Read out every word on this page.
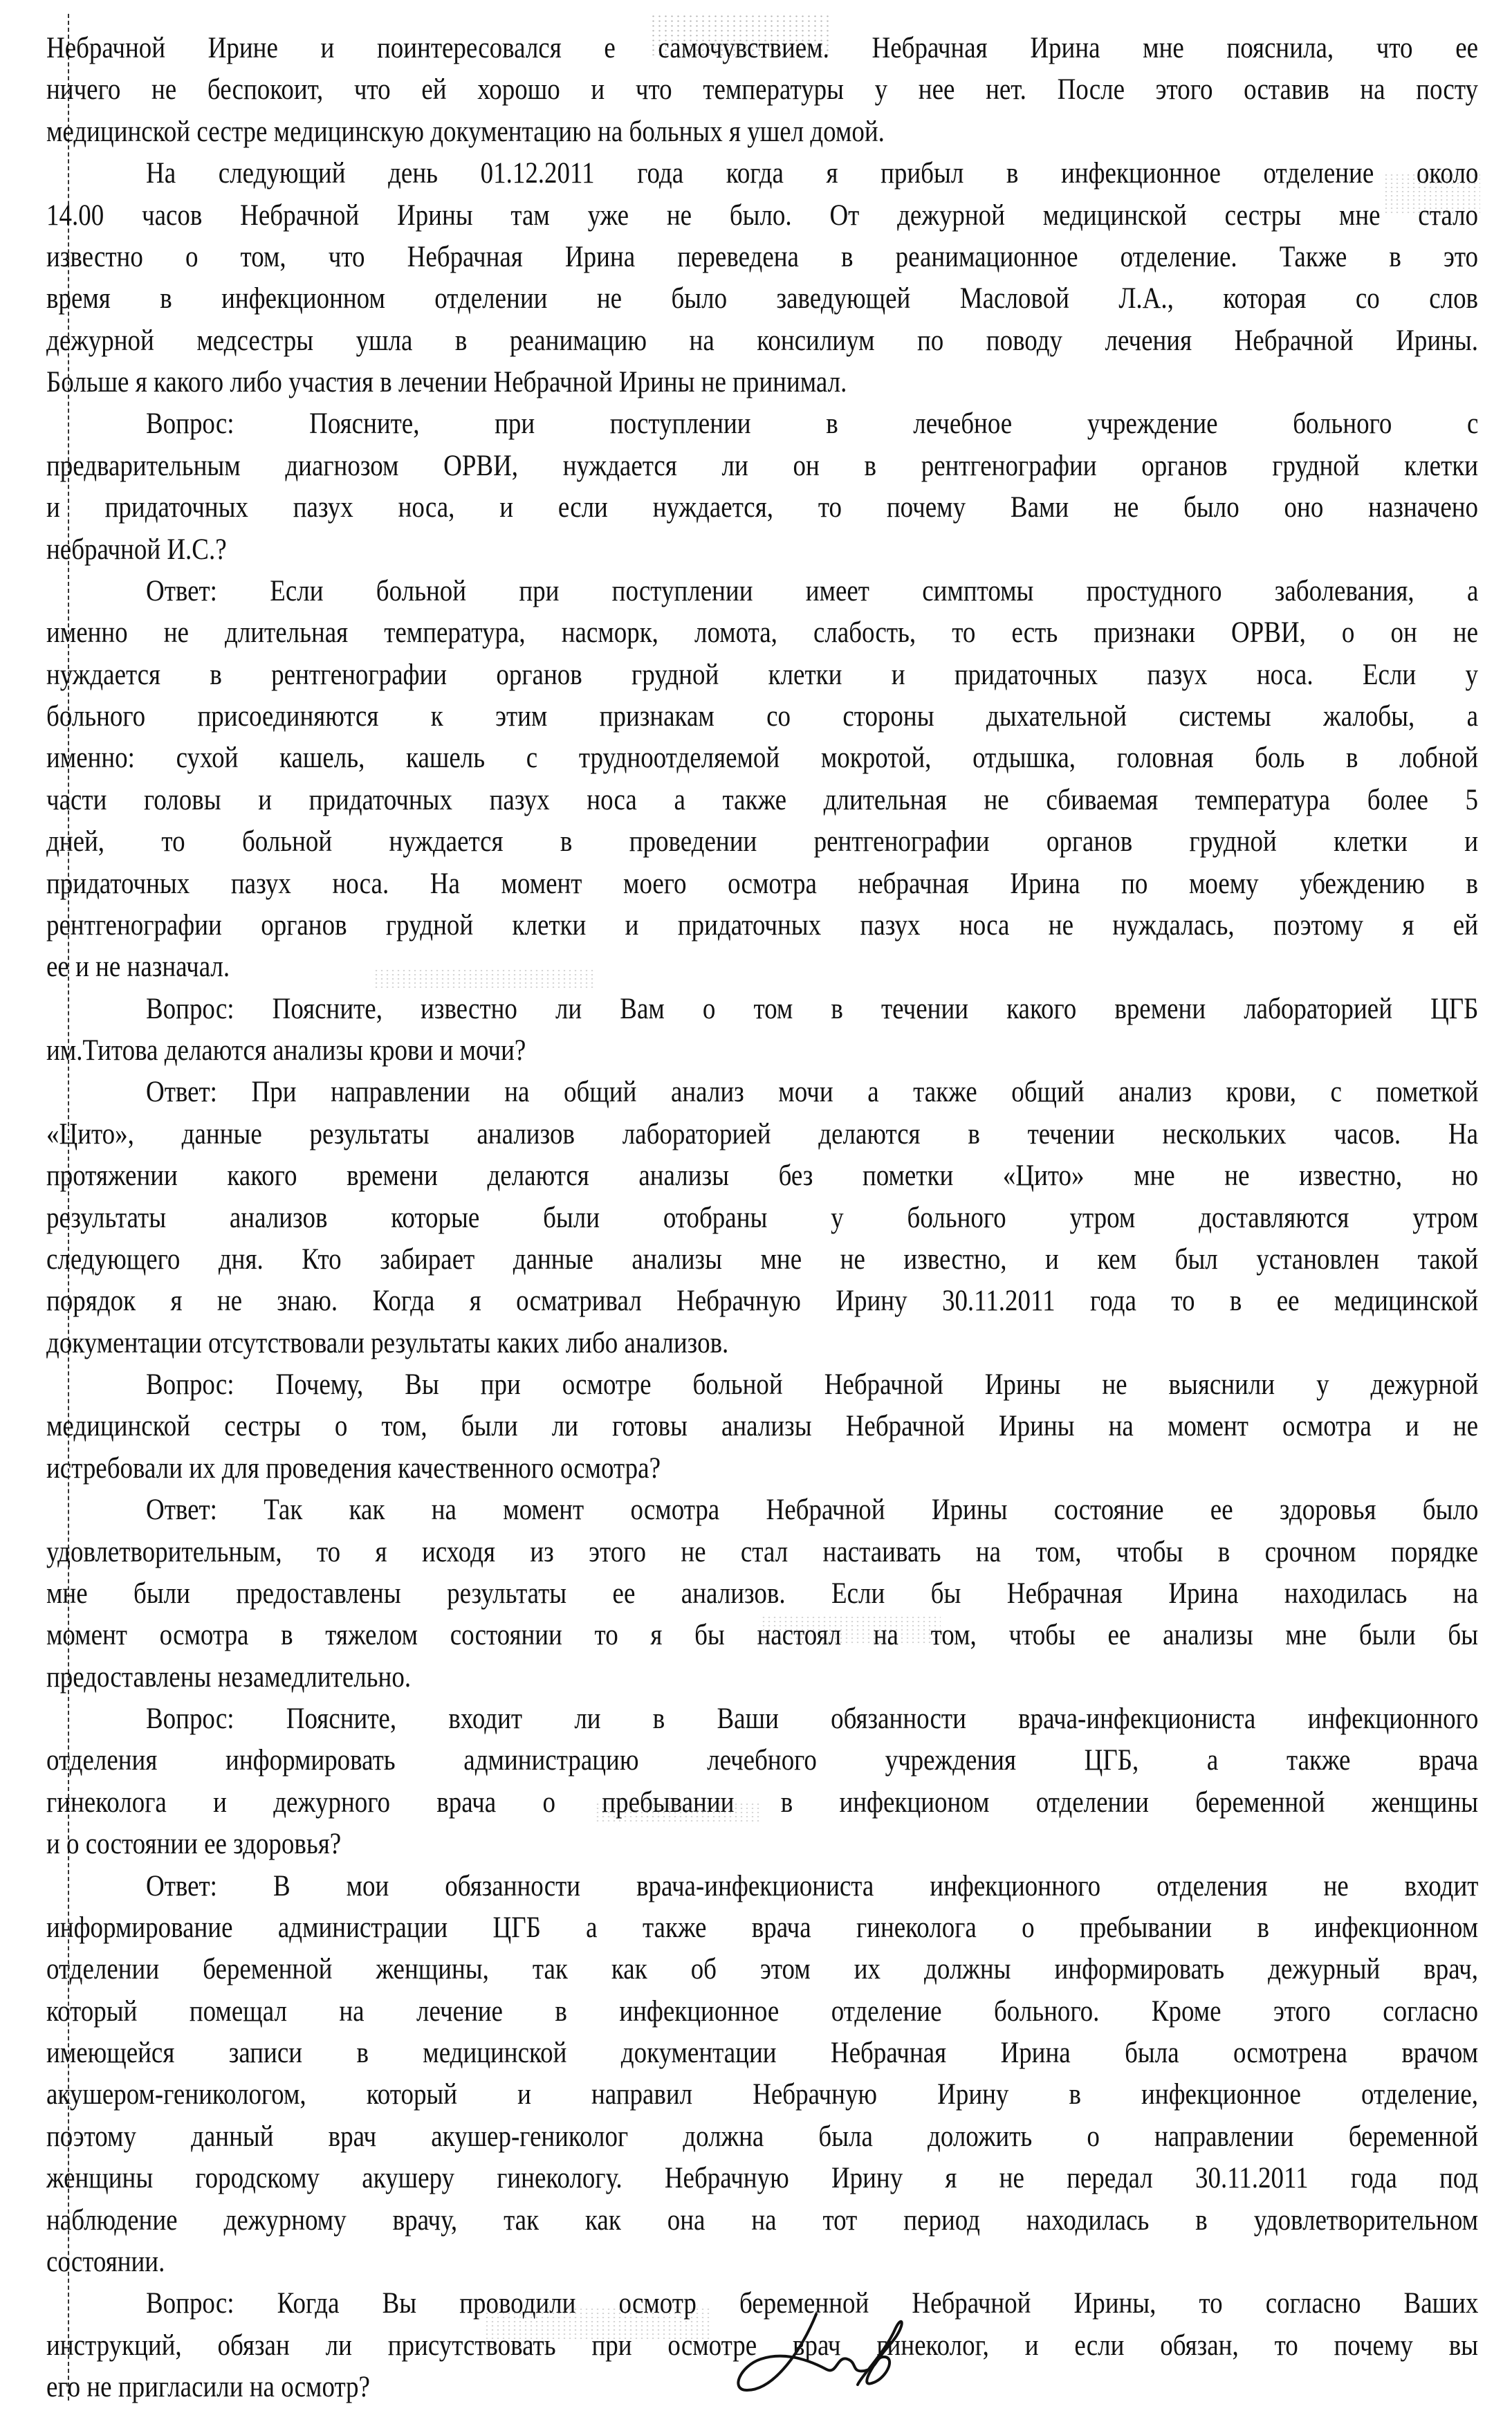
Небрачной Ирине и поинтересовался е самочувствием. Небрачная Ирина мне пояснила, что ее
ничего не беспокоит, что ей хорошо и что температуры у нее нет. После этого оставив на посту
медицинской сестре медицинскую документацию на больных я ушел домой.
На следующий день 01.12.2011 года когда я прибыл в инфекционное отделение около
14.00 часов Небрачной Ирины там уже не было. От дежурной медицинской сестры мне стало
известно о том, что Небрачная Ирина переведена в реанимационное отделение. Также в это
время в инфекционном отделении не было заведующей Масловой Л.А., которая со слов
дежурной медсестры ушла в реанимацию на консилиум по поводу лечения Небрачной Ирины.
Больше я какого либо участия в лечении Небрачной Ирины не принимал.
Вопрос: Поясните, при поступлении в лечебное учреждение больного с
предварительным диагнозом ОРВИ, нуждается ли он в рентгенографии органов грудной клетки
и придаточных пазух носа, и если нуждается, то почему Вами не было оно назначено
небрачной И.С.?
Ответ: Если больной при поступлении имеет симптомы простудного заболевания, а
именно не длительная температура, насморк, ломота, слабость, то есть признаки ОРВИ, о он не
нуждается в рентгенографии органов грудной клетки и придаточных пазух носа. Если у
больного присоединяются к этим признакам со стороны дыхательной системы жалобы, а
именно: сухой кашель, кашель с трудноотделяемой мокротой, отдышка, головная боль в лобной
части головы и придаточных пазух носа а также длительная не сбиваемая температура более 5
дней, то больной нуждается в проведении рентгенографии органов грудной клетки и
придаточных пазух носа. На момент моего осмотра небрачная Ирина по моему убеждению в
рентгенографии органов грудной клетки и придаточных пазух носа не нуждалась, поэтому я ей
ее и не назначал.
Вопрос: Поясните, известно ли Вам о том в течении какого времени лабораторией ЦГБ
им.Титова делаются анализы крови и мочи?
Ответ: При направлении на общий анализ мочи а также общий анализ крови, с пометкой
«Цито», данные результаты анализов лабораторией делаются в течении нескольких часов. На
протяжении какого времени делаются анализы без пометки «Цито» мне не известно, но
результаты анализов которые были отобраны у больного утром доставляются утром
следующего дня. Кто забирает данные анализы мне не известно, и кем был установлен такой
порядок я не знаю. Когда я осматривал Небрачную Ирину 30.11.2011 года то в ее медицинской
документации отсутствовали результаты каких либо анализов.
Вопрос: Почему, Вы при осмотре больной Небрачной Ирины не выяснили у дежурной
медицинской сестры о том, были ли готовы анализы Небрачной Ирины на момент осмотра и не
истребовали их для проведения качественного осмотра?
Ответ: Так как на момент осмотра Небрачной Ирины состояние ее здоровья было
удовлетворительным, то я исходя из этого не стал настаивать на том, чтобы в срочном порядке
мне были предоставлены результаты ее анализов. Если бы Небрачная Ирина находилась на
момент осмотра в тяжелом состоянии то я бы настоял на том, чтобы ее анализы мне были бы
предоставлены незамедлительно.
Вопрос: Поясните, входит ли в Ваши обязанности врача-инфекциониста инфекционного
отделения информировать администрацию лечебного учреждения ЦГБ, а также врача
гинеколога и дежурного врача о пребывании в инфекционом отделении беременной женщины
и о состоянии ее здоровья?
Ответ: В мои обязанности врача-инфекциониста инфекционного отделения не входит
информирование администрации ЦГБ а также врача гинеколога о пребывании в инфекционном
отделении беременной женщины, так как об этом их должны информировать дежурный врач,
который помещал на лечение в инфекционное отделение больного. Кроме этого согласно
имеющейся записи в медицинской документации Небрачная Ирина была осмотрена врачом
акушером-гениколoгом, который и направил Небрачную Ирину в инфекционное отделение,
поэтому данный врач акушер-гениколог должна была доложить о направлении беременной
женщины городскому акушеру гинекологу. Небрачную Ирину я не передал 30.11.2011 года под
наблюдение дежурному врачу, так как она на тот период находилась в удовлетворительном
состоянии.
Вопрос: Когда Вы проводили осмотр беременной Небрачной Ирины, то согласно Ваших
инструкций, обязан ли присутствовать при осмотре врач гинеколог, и если обязан, то почему вы
его не пригласили на осмотр?
